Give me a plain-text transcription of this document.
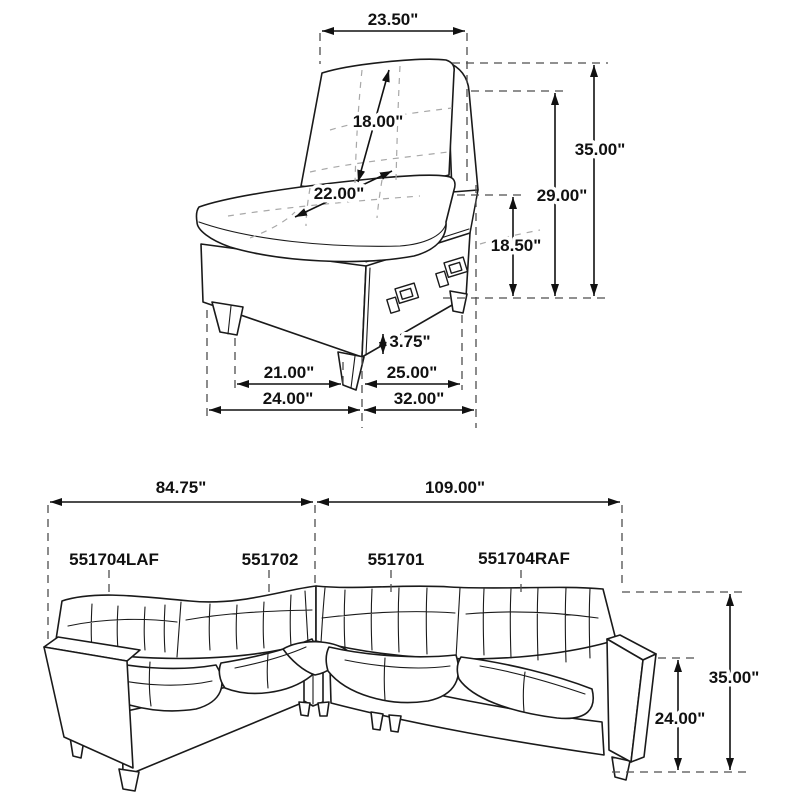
23.50"
18.00"
22.00"
35.00"
29.00"
18.50"
3.75"
21.00"	25.00"
24.00"	32.00"
84.75"	109.00"
551704LAF	551702	551701	551704RAF
35.00"
24.00"
